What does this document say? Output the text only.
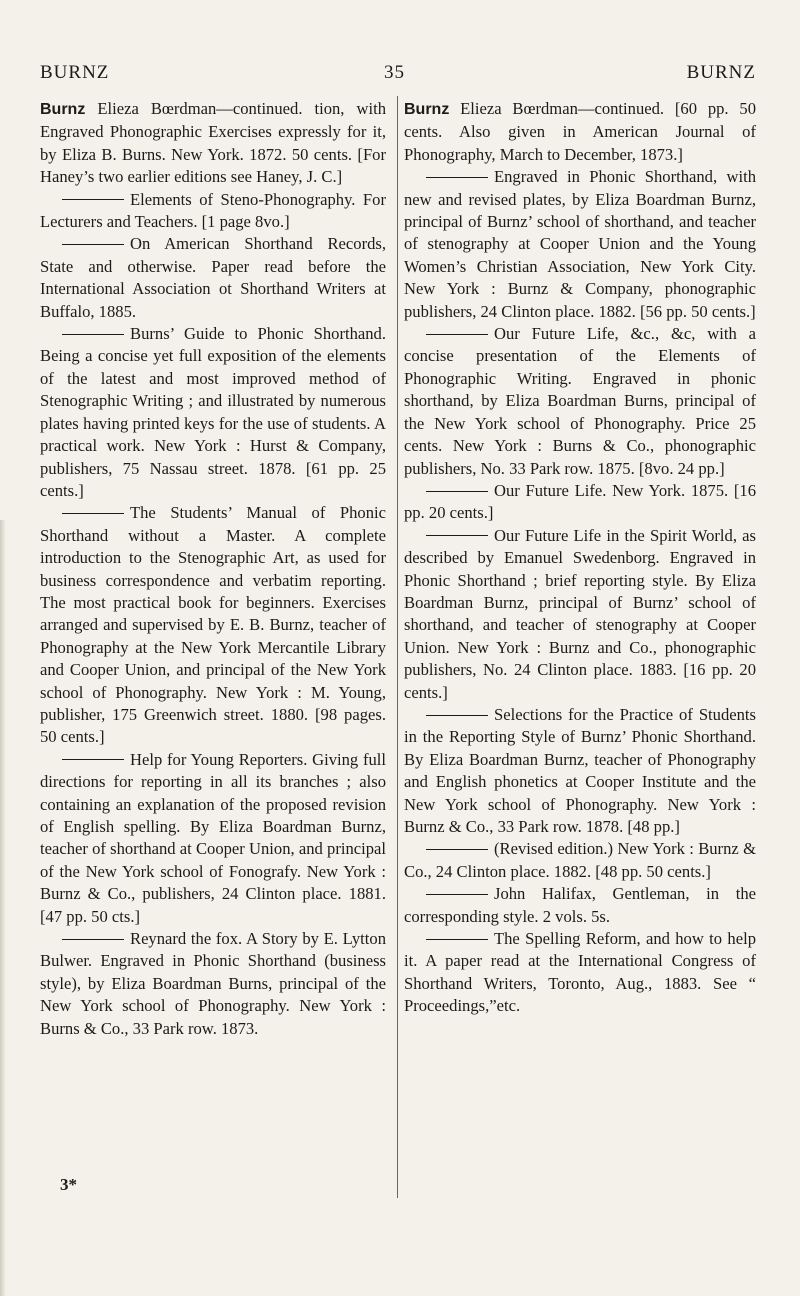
BURNZ	35	BURNZ

Burnz Elieza Bœrdman—continued. tion, with Engraved Phonographic Exercises expressly for it, by Eliza B. Burns. New York. 1872. 50 cents. [For Haney’s two earlier editions see Haney, J. C.]

Elements of Steno-Phonography. For Lecturers and Teachers. [1 page 8vo.]

On American Shorthand Records, State and otherwise. Paper read before the International Association ot Shorthand Writers at Buffalo, 1885.

Burns’ Guide to Phonic Shorthand. Being a concise yet full exposition of the elements of the latest and most improved method of Stenographic Writing ; and illustrated by numerous plates having printed keys for the use of students. A practical work. New York : Hurst & Company, publishers, 75 Nassau street. 1878. [61 pp. 25 cents.]

The Students’ Manual of Phonic Shorthand without a Master. A complete introduction to the Stenographic Art, as used for business correspondence and verbatim reporting. The most practical book for beginners. Exercises arranged and supervised by E. B. Burnz, teacher of Phonography at the New York Mercantile Library and Cooper Union, and principal of the New York school of Phonography. New York : M. Young, publisher, 175 Greenwich street. 1880. [98 pages. 50 cents.]

Help for Young Reporters. Giving full directions for reporting in all its branches ; also containing an explanation of the proposed revision of English spelling. By Eliza Boardman Burnz, teacher of shorthand at Cooper Union, and principal of the New York school of Fonografy. New York : Burnz & Co., publishers, 24 Clinton place. 1881. [47 pp. 50 cts.]

Reynard the fox. A Story by E. Lytton Bulwer. Engraved in Phonic Shorthand (business style), by Eliza Boardman Burns, principal of the New York school of Phonography. New York : Burns & Co., 33 Park row. 1873.

3*

Burnz Elieza Bœrdman—continued. [60 pp. 50 cents. Also given in American Journal of Phonography, March to December, 1873.]

Engraved in Phonic Shorthand, with new and revised plates, by Eliza Boardman Burnz, principal of Burnz’ school of shorthand, and teacher of stenography at Cooper Union and the Young Women’s Christian Association, New York City. New York : Burnz & Company, phonographic publishers, 24 Clinton place. 1882. [56 pp. 50 cents.]

Our Future Life, &c., &c, with a concise presentation of the Elements of Phonographic Writing. Engraved in phonic shorthand, by Eliza Boardman Burns, principal of the New York school of Phonography. Price 25 cents. New York : Burns & Co., phonographic publishers, No. 33 Park row. 1875. [8vo. 24 pp.]

Our Future Life. New York. 1875. [16 pp. 20 cents.]

Our Future Life in the Spirit World, as described by Emanuel Swedenborg. Engraved in Phonic Shorthand ; brief reporting style. By Eliza Boardman Burnz, principal of Burnz’ school of shorthand, and teacher of stenography at Cooper Union. New York : Burnz and Co., phonographic publishers, No. 24 Clinton place. 1883. [16 pp. 20 cents.]

Selections for the Practice of Students in the Reporting Style of Burnz’ Phonic Shorthand. By Eliza Boardman Burnz, teacher of Phonography and English phonetics at Cooper Institute and the New York school of Phonography. New York : Burnz & Co., 33 Park row. 1878. [48 pp.]

(Revised edition.) New York : Burnz & Co., 24 Clinton place. 1882. [48 pp. 50 cents.]

John Halifax, Gentleman, in the corresponding style. 2 vols. 5s.

The Spelling Reform, and how to help it. A paper read at the International Congress of Shorthand Writers, Toronto, Aug., 1883. See “ Proceedings,”etc.
